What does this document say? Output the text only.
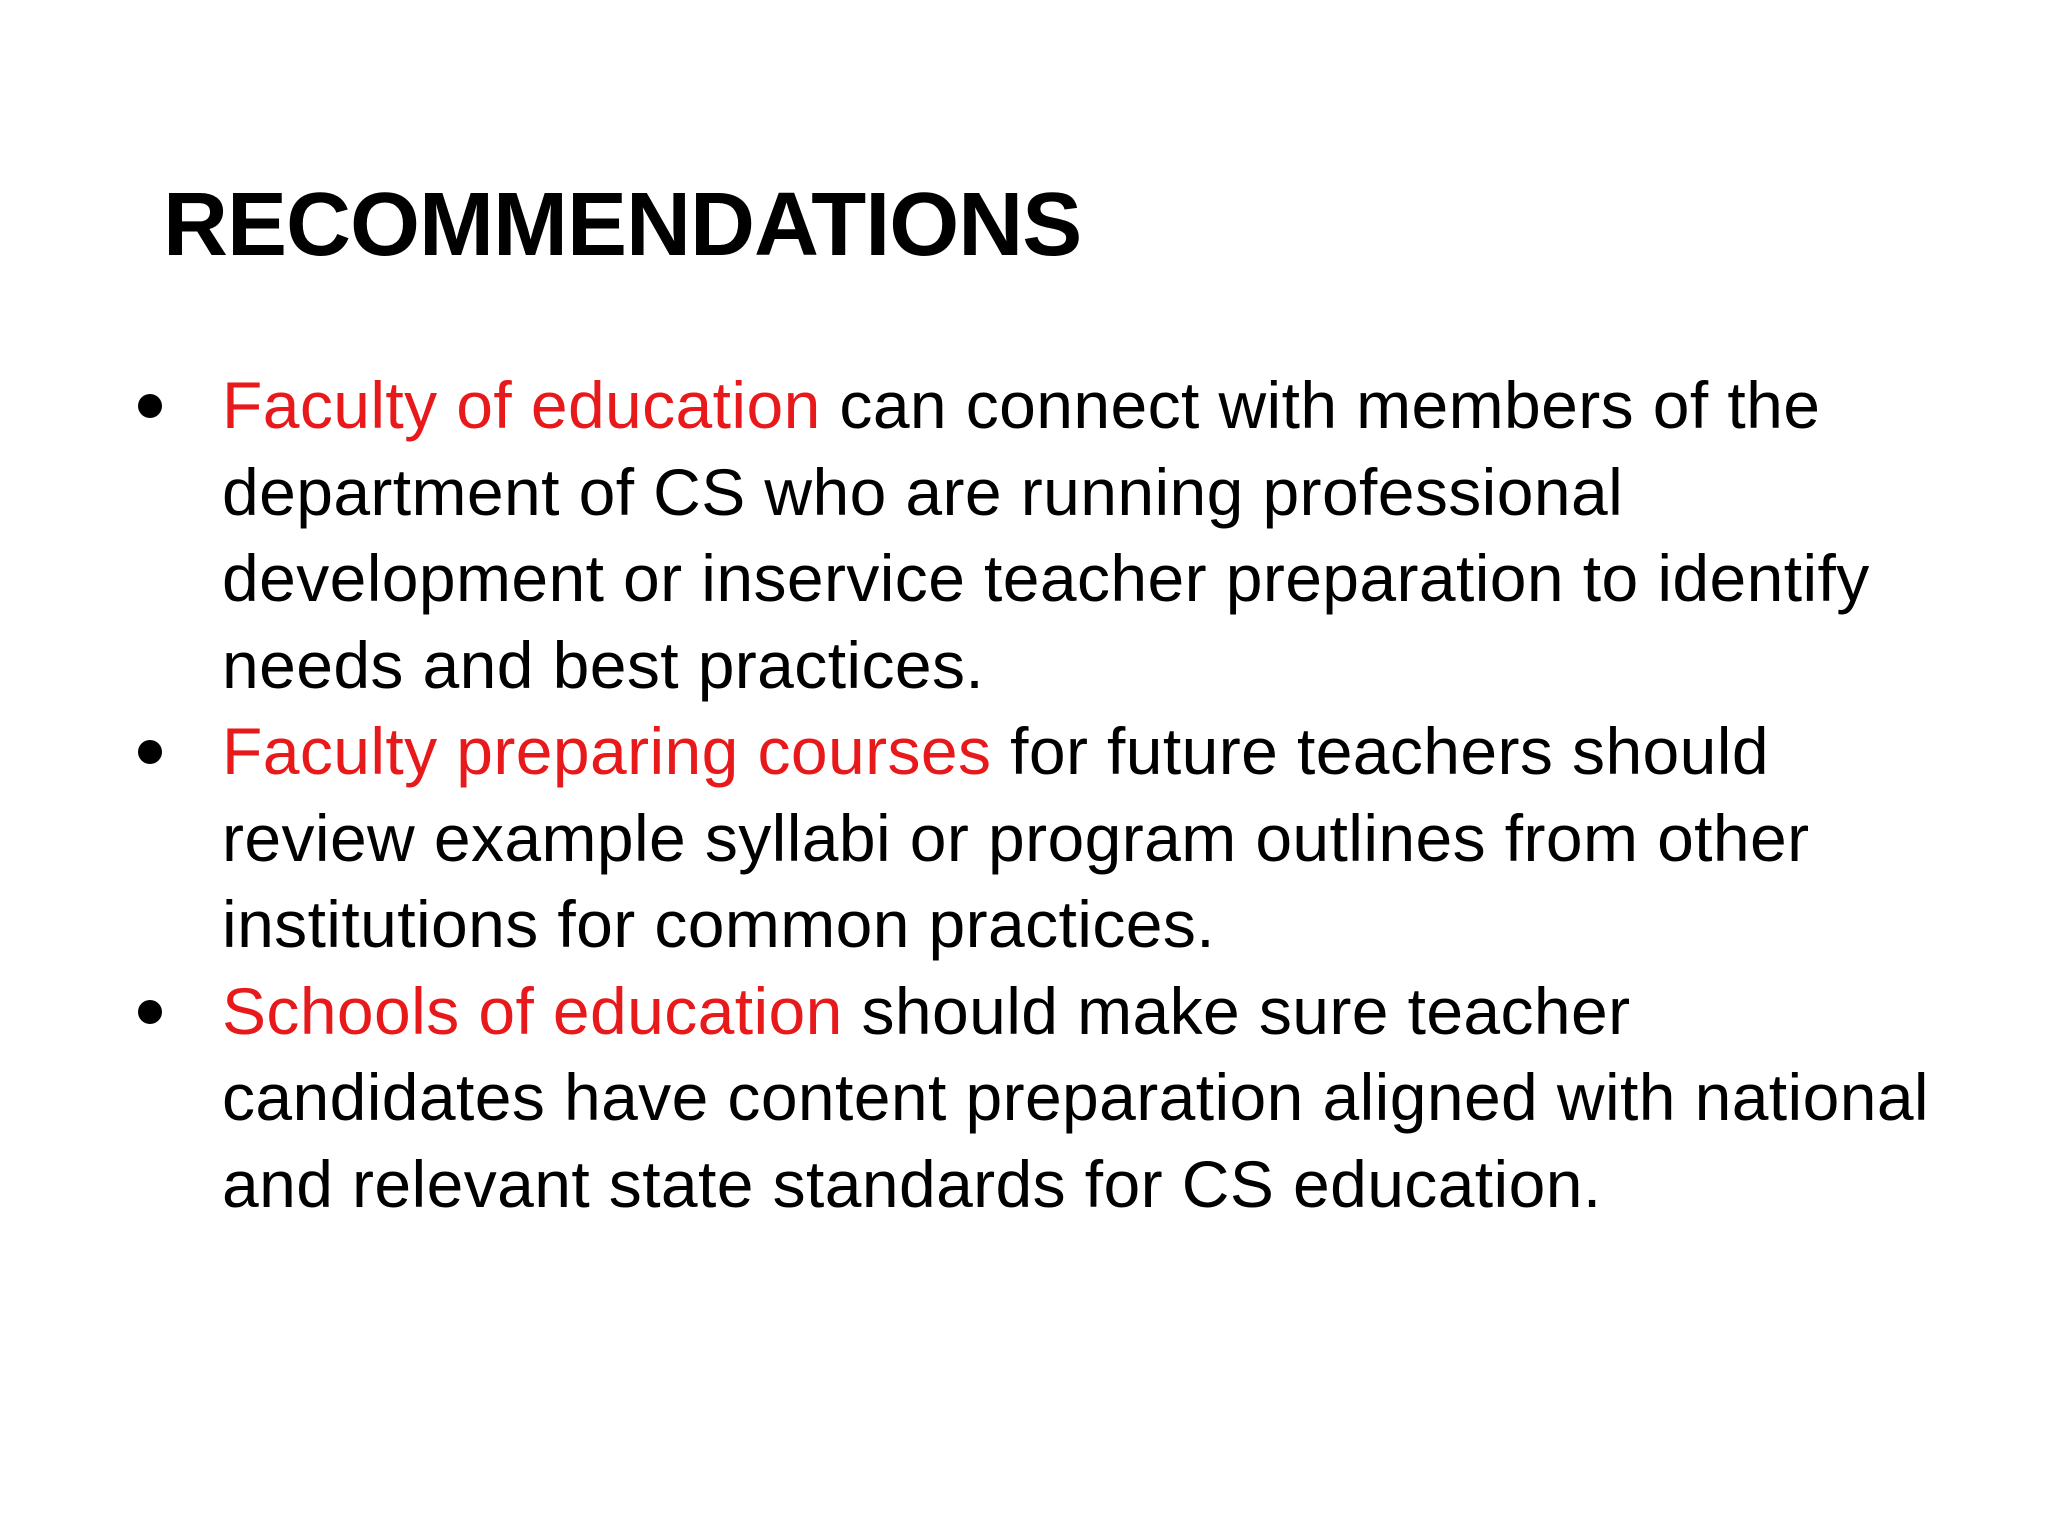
RECOMMENDATIONS
Faculty of education can connect with members of the department of CS who are running professional development or inservice teacher preparation to identify needs and best practices.
Faculty preparing courses for future teachers should review example syllabi or program outlines from other institutions for common practices.
Schools of education should make sure teacher candidates have content preparation aligned with national and relevant state standards for CS education.
